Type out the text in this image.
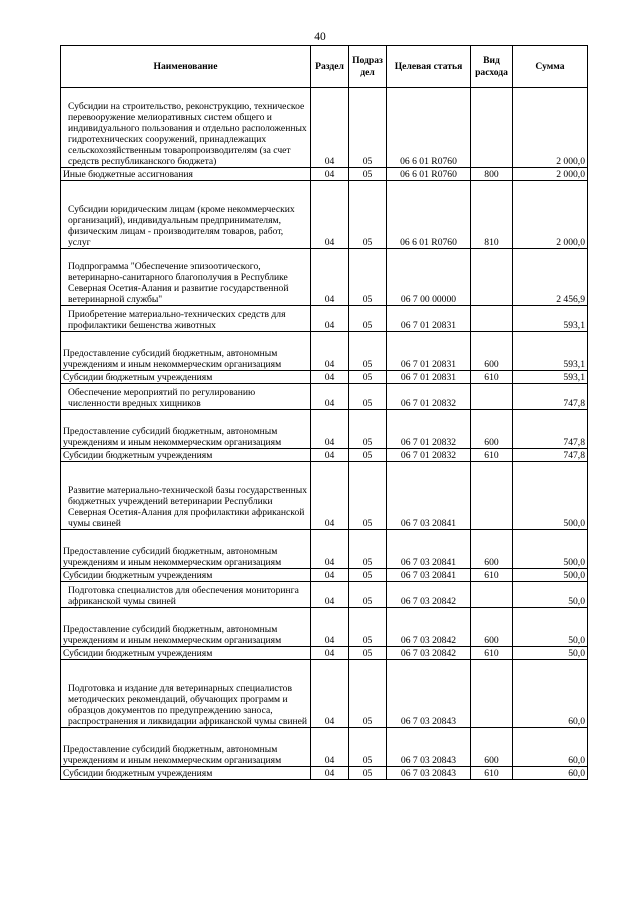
40
Наименование	Раздел	Подраз дел	Целевая статья	Вид расхода	Сумма
Субсидии на строительство, реконструкцию, техническое перевооружение мелиоративных систем общего и индивидуального пользования и отдельно расположенных гидротехнических сооружений, принадлежащих сельскохозяйственным товаропроизводителям (за счет средств республиканского бюджета)	04	05	06 6 01 R0760		2 000,0
Иные бюджетные ассигнования	04	05	06 6 01 R0760	800	2 000,0
Субсидии юридическим лицам (кроме некоммерческих организаций), индивидуальным предпринимателям, физическим лицам - производителям товаров, работ, услуг	04	05	06 6 01 R0760	810	2 000,0
Подпрограмма "Обеспечение эпизоотического, ветеринарно-санитарного благополучия в Республике Северная Осетия-Алания и развитие государственной ветеринарной службы"	04	05	06 7 00 00000		2 456,9
Приобретение материально-технических средств для профилактики бешенства животных	04	05	06 7 01 20831		593,1
Предоставление субсидий бюджетным, автономным учреждениям и иным некоммерческим организациям	04	05	06 7 01 20831	600	593,1
Субсидии бюджетным учреждениям	04	05	06 7 01 20831	610	593,1
Обеспечение мероприятий по регулированию численности вредных хищников	04	05	06 7 01 20832		747,8
Предоставление субсидий бюджетным, автономным учреждениям и иным некоммерческим организациям	04	05	06 7 01 20832	600	747,8
Субсидии бюджетным учреждениям	04	05	06 7 01 20832	610	747,8
Развитие материально-технической базы государственных бюджетных учреждений ветеринарии Республики Северная Осетия-Алания для профилактики африканской чумы свиней	04	05	06 7 03 20841		500,0
Предоставление субсидий бюджетным, автономным учреждениям и иным некоммерческим организациям	04	05	06 7 03 20841	600	500,0
Субсидии бюджетным учреждениям	04	05	06 7 03 20841	610	500,0
Подготовка специалистов для обеспечения мониторинга африканской чумы свиней	04	05	06 7 03 20842		50,0
Предоставление субсидий бюджетным, автономным учреждениям и иным некоммерческим организациям	04	05	06 7 03 20842	600	50,0
Субсидии бюджетным учреждениям	04	05	06 7 03 20842	610	50,0
Подготовка и издание для ветеринарных специалистов методических рекомендаций, обучающих программ и образцов документов по предупреждению заноса, распространения и ликвидации африканской чумы свиней	04	05	06 7 03 20843		60,0
Предоставление субсидий бюджетным, автономным учреждениям и иным некоммерческим организациям	04	05	06 7 03 20843	600	60,0
Субсидии бюджетным учреждениям	04	05	06 7 03 20843	610	60,0
